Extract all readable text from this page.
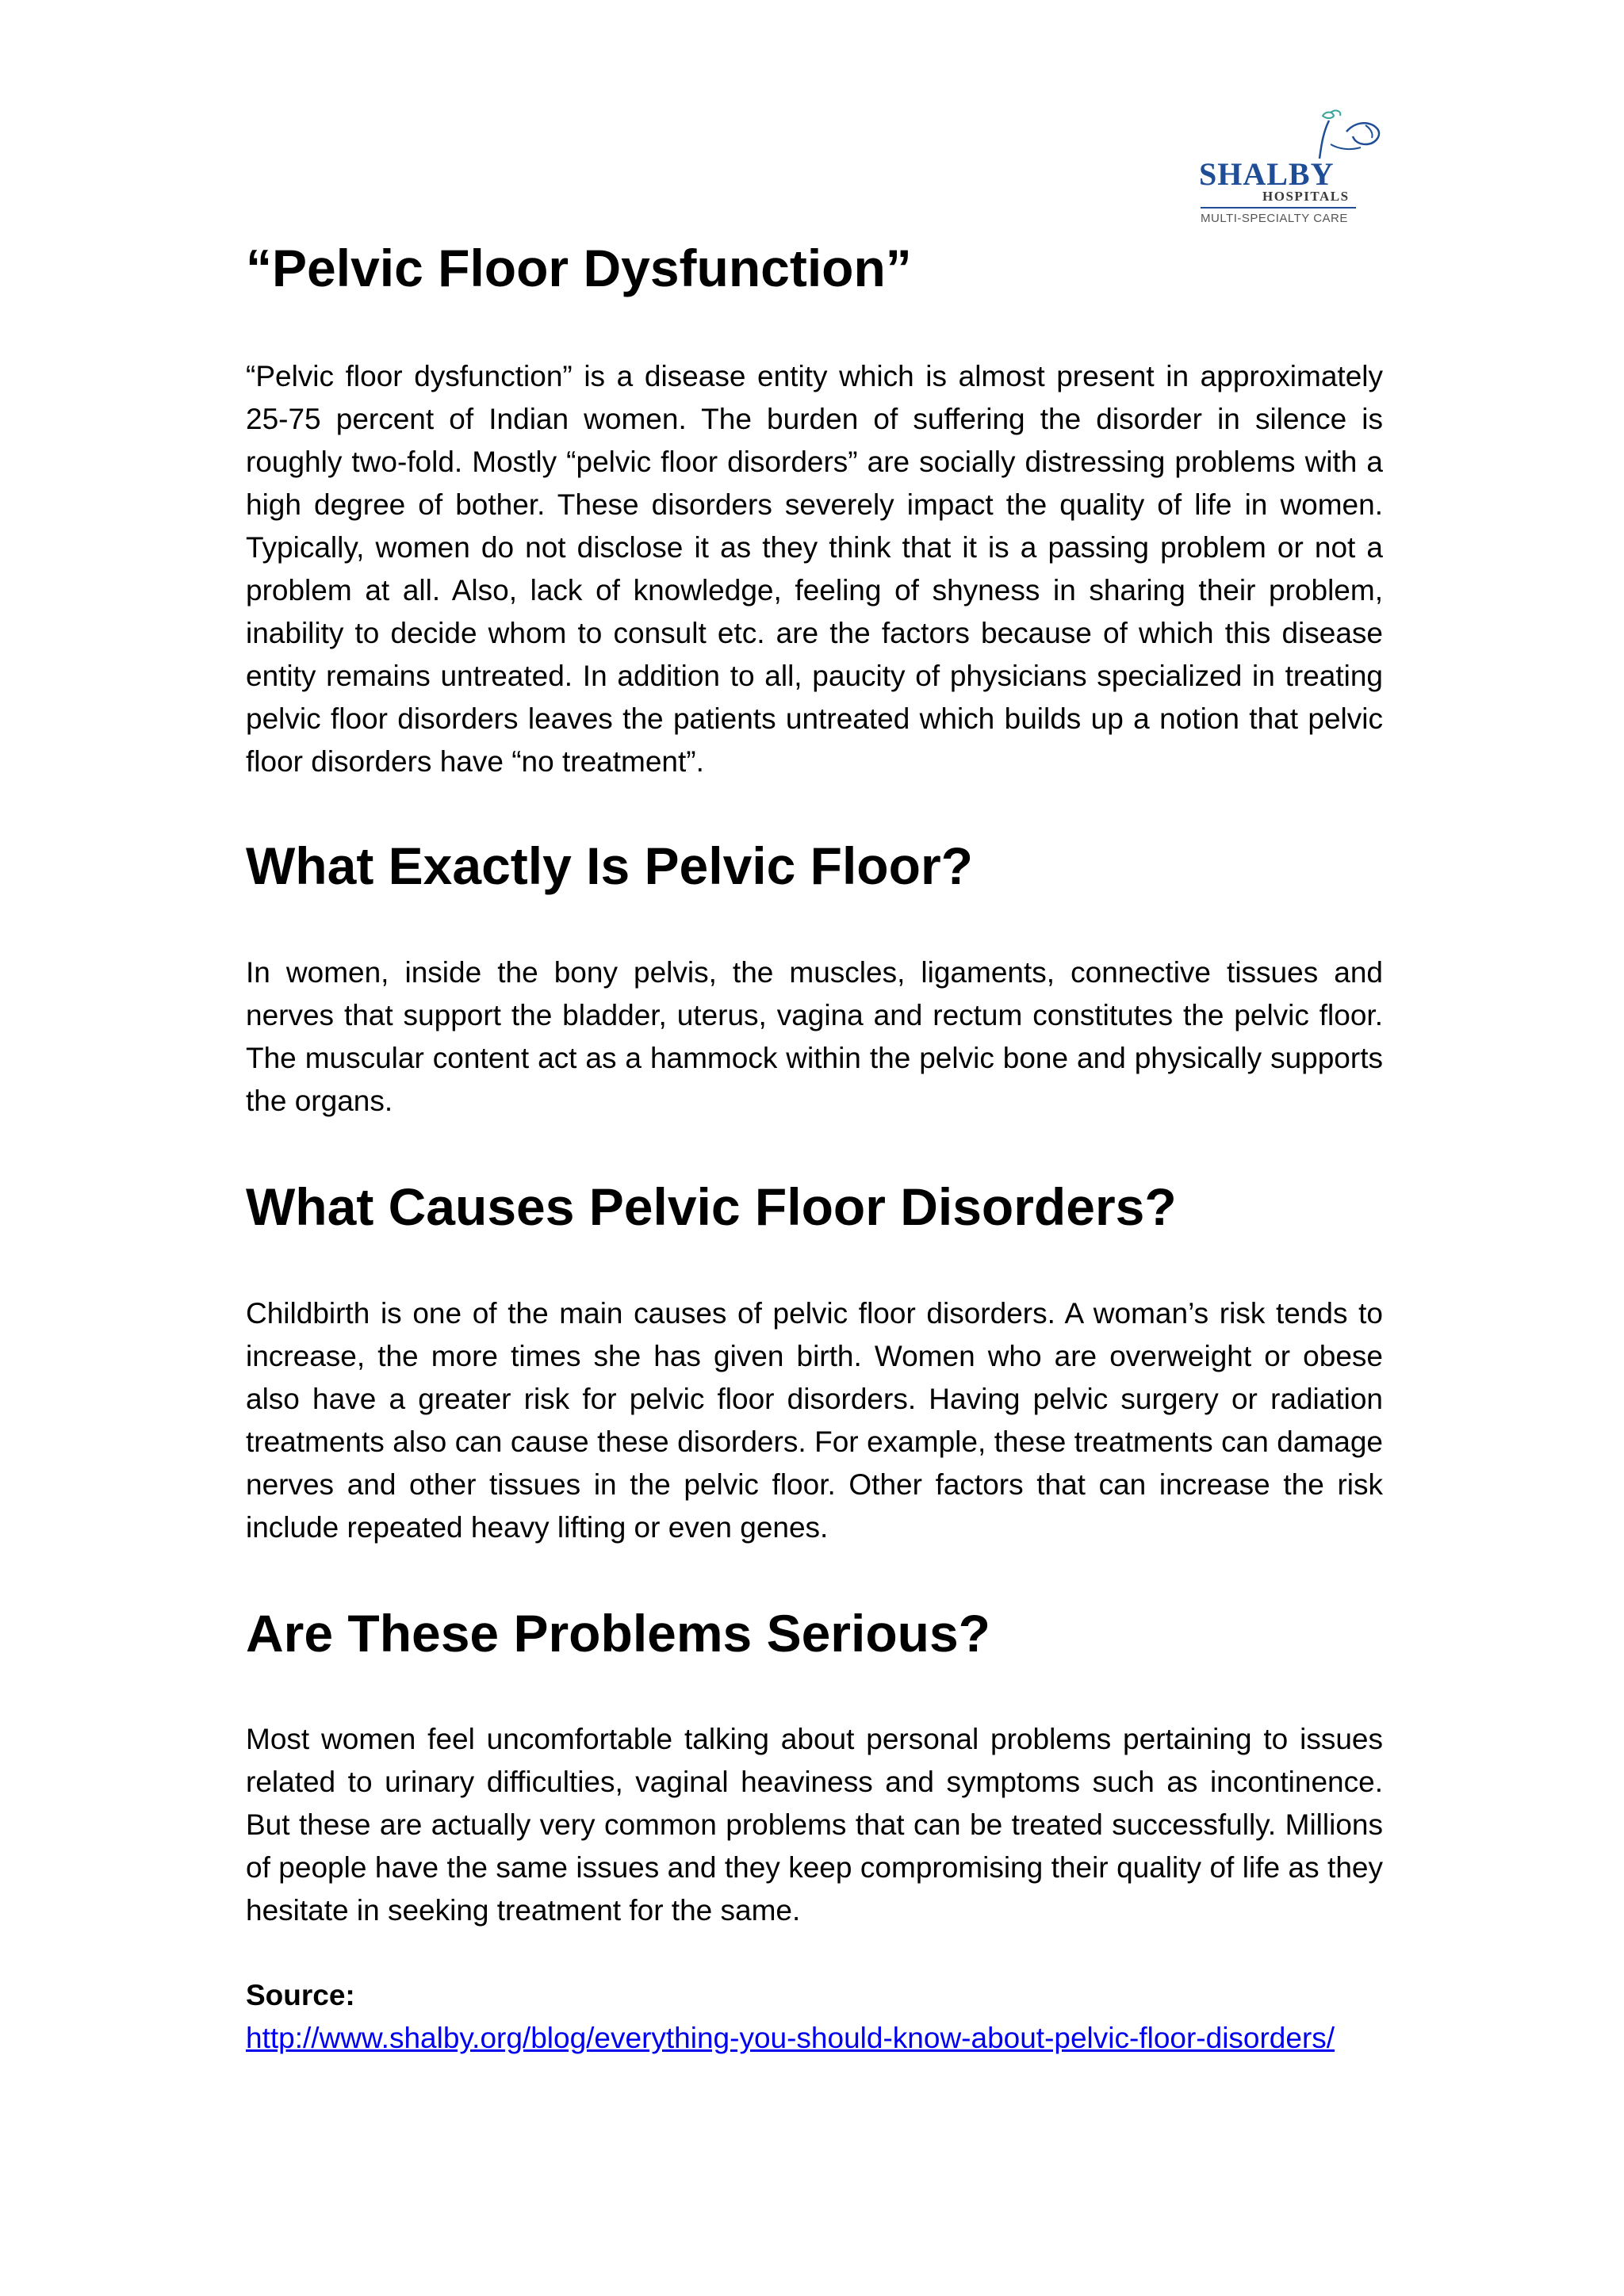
SHALBY
HOSPITALS
MULTI-SPECIALTY CARE
“Pelvic Floor Dysfunction”

“Pelvic floor dysfunction” is a disease entity which is almost present in approximately 25-75 percent of Indian women. The burden of suffering the disorder in silence is roughly two-fold. Mostly “pelvic floor disorders” are socially distressing problems with a high degree of bother. These disorders severely impact the quality of life in women. Typically, women do not disclose it as they think that it is a passing problem or not a problem at all. Also, lack of knowledge, feeling of shyness in sharing their problem, inability to decide whom to consult etc. are the factors because of which this disease entity remains untreated. In addition to all, paucity of physicians specialized in treating pelvic floor disorders leaves the patients untreated which builds up a notion that pelvic floor disorders have “no treatment”.

What Exactly Is Pelvic Floor?

In women, inside the bony pelvis, the muscles, ligaments, connective tissues and nerves that support the bladder, uterus, vagina and rectum constitutes the pelvic floor. The muscular content act as a hammock within the pelvic bone and physically supports the organs.

What Causes Pelvic Floor Disorders?

Childbirth is one of the main causes of pelvic floor disorders. A woman’s risk tends to increase, the more times she has given birth. Women who are overweight or obese also have a greater risk for pelvic floor disorders. Having pelvic surgery or radiation treatments also can cause these disorders. For example, these treatments can damage nerves and other tissues in the pelvic floor. Other factors that can increase the risk include repeated heavy lifting or even genes.

Are These Problems Serious?

Most women feel uncomfortable talking about personal problems pertaining to issues related to urinary difficulties, vaginal heaviness and symptoms such as incontinence. But these are actually very common problems that can be treated successfully. Millions of people have the same issues and they keep compromising their quality of life as they hesitate in seeking treatment for the same.

Source:

http://www.shalby.org/blog/everything-you-should-know-about-pelvic-floor-disorders/
